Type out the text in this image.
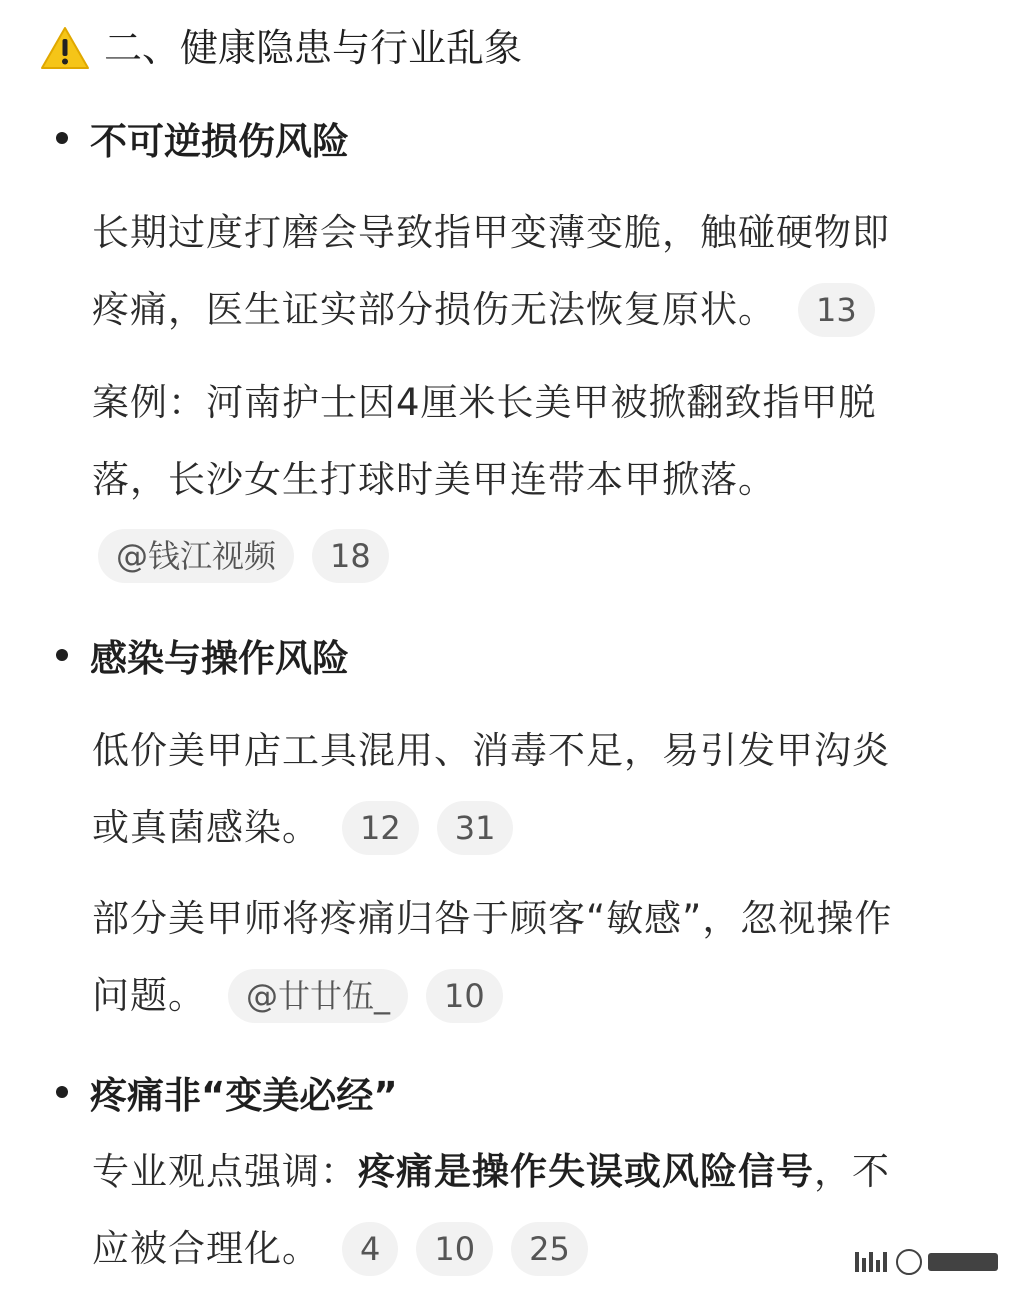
二、健康隐患与行业乱象
不可逆损伤风险
长期过度打磨会导致指甲变薄变脆，触碰硬物即
疼痛，医生证实部分损伤无法恢复原状。	13
案例：河南护士因4厘米长美甲被掀翻致指甲脱
落，长沙女生打球时美甲连带本甲掀落。
@钱江视频	18
感染与操作风险
低价美甲店工具混用、消毒不足，易引发甲沟炎
或真菌感染。	12	31
部分美甲师将疼痛归咎于顾客“敏感”，忽视操作
问题。	@廿廿伍_	10
疼痛非“变美必经”
专业观点强调： 疼痛是操作失误或风险信号 ，不
应被合理化。	4	10	25
